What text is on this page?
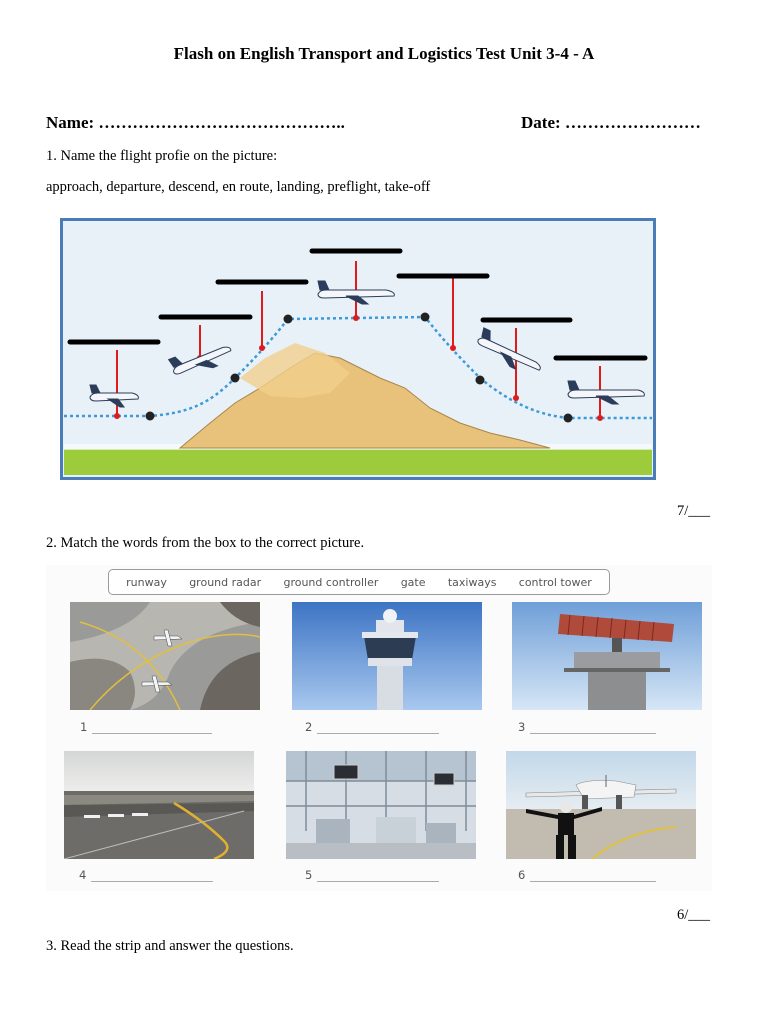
Flash on English Transport and Logistics Test Unit 3-4 - A
Name: ……………………………………..	Date: ……………………
1. Name the flight profie on the picture:
approach, departure, descend, en route, landing, preflight, take-off
7/___
2. Match the words from the box to the correct picture.
runway ground radar ground controller gate taxiways control tower
1	2	3
4	5	6
6/___
3. Read the strip and answer the questions.
